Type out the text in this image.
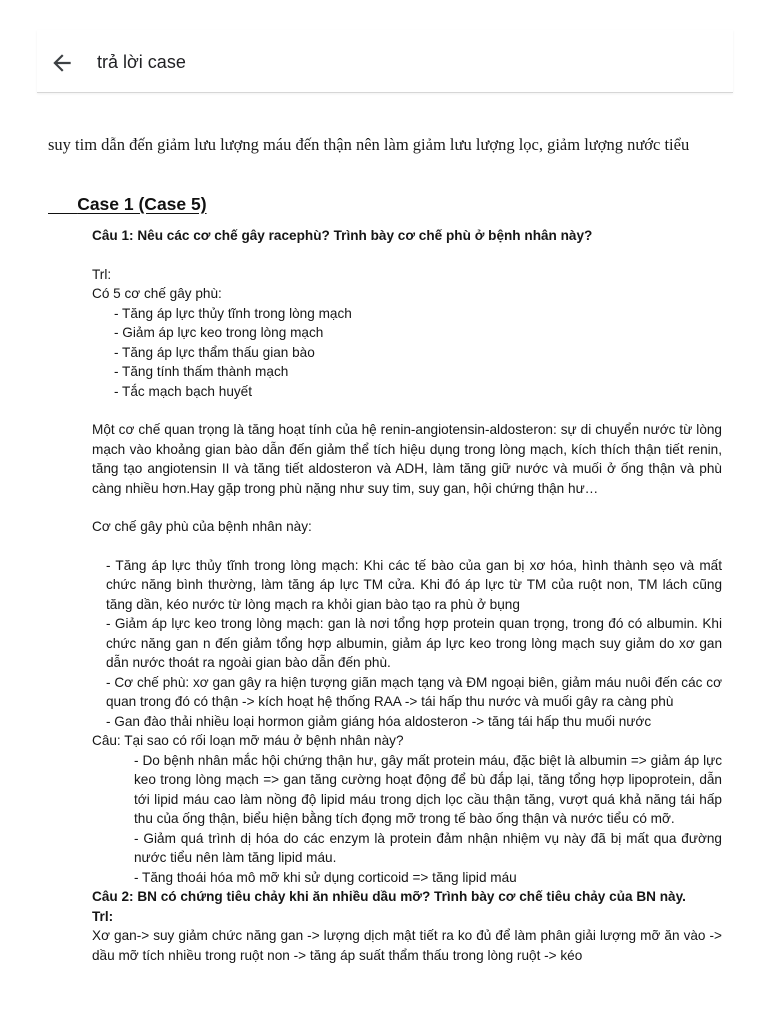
trả lời case
suy tim dẫn đến giảm lưu lượng máu đến thận nên làm giảm lưu lượng lọc, giảm lượng nước tiểu
Case 1 (Case 5)

Câu 1: Nêu các cơ chế gây racephù? Trình bày cơ chế phù ở bệnh nhân này?

Trl:

Có 5 cơ chế gây phù:

- Tăng áp lực thủy tĩnh trong lòng mạch

- Giảm áp lực keo trong lòng mạch

- Tăng áp lực thẩm thấu gian bào

- Tăng tính thấm thành mạch

- Tắc mạch bạch huyết

Một cơ chế quan trọng là tăng hoạt tính của hệ renin-angiotensin-aldosteron: sự di chuyển nước từ lòng mạch vào khoảng gian bào dẫn đến giảm thể tích hiệu dụng trong lòng mạch, kích thích thận tiết renin, tăng tạo angiotensin II và tăng tiết aldosteron và ADH, làm tăng giữ nước và muối ở ống thận và phù càng nhiều hơn.Hay gặp trong phù nặng như suy tim, suy gan, hội chứng thận hư…

Cơ chế gây phù của bệnh nhân này:

- Tăng áp lực thủy tĩnh trong lòng mạch: Khi các tế bào của gan bị xơ hóa, hình thành sẹo và mất chức năng bình thường, làm tăng áp lực TM cửa. Khi đó áp lực từ TM của ruột non, TM lách cũng tăng dần, kéo nước từ lòng mạch ra khỏi gian bào tạo ra phù ở bụng

- Giảm áp lực keo trong lòng mạch: gan là nơi tổng hợp protein quan trọng, trong đó có albumin. Khi chức năng gan n đến giảm tổng hợp albumin, giảm áp lực keo trong lòng mạch suy giảm do xơ gan dẫn nước thoát ra ngoài gian bào dẫn đến phù.

- Cơ chế phù: xơ gan gây ra hiện tượng giãn mạch tạng và ĐM ngoại biên, giảm máu nuôi đến các cơ quan trong đó có thận -> kích hoạt hệ thống RAA -> tái hấp thu nước và muối gây ra càng phù

- Gan đào thải nhiều loại hormon giảm giáng hóa aldosteron -> tăng tái hấp thu muối nước

Câu: Tại sao có rối loạn mỡ máu ở bệnh nhân này?

- Do bệnh nhân mắc hội chứng thận hư, gây mất protein máu, đặc biệt là albumin => giảm áp lực keo trong lòng mạch => gan tăng cường hoạt động để bù đắp lại, tăng tổng hợp lipoprotein, dẫn tới lipid máu cao làm nồng độ lipid máu trong dịch lọc cầu thận tăng, vượt quá khả năng tái hấp thu của ống thận, biểu hiện bằng tích đọng mỡ trong tế bào ống thận và nước tiểu có mỡ.

- Giảm quá trình dị hóa do các enzym là protein đảm nhận nhiệm vụ này đã bị mất qua đường nước tiểu nên làm tăng lipid máu.

- Tăng thoái hóa mô mỡ khi sử dụng corticoid => tăng lipid máu

Câu 2: BN có chứng tiêu chảy khi ăn nhiều dầu mỡ? Trình bày cơ chế tiêu chảy của BN này.

Trl:

Xơ gan-> suy giảm chức năng gan -> lượng dịch mật tiết ra ko đủ để làm phân giải lượng mỡ ăn vào -> dầu mỡ tích nhiều trong ruột non -> tăng áp suất thẩm thấu trong lòng ruột -> kéo
